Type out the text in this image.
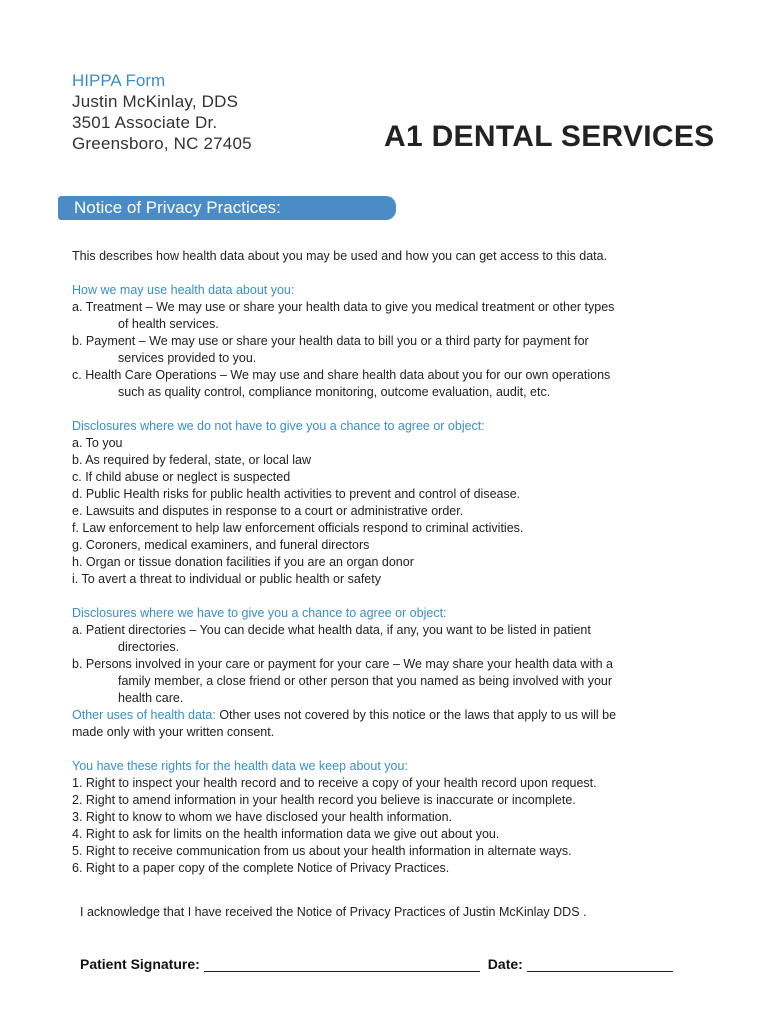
HIPPA Form
Justin McKinlay, DDS
3501 Associate Dr.
Greensboro, NC 27405	A1 DENTAL SERVICES
Notice of Privacy Practices:

This describes how health data about you may be used and how you can get access to this data.

How we may use health data about you:

a. Treatment – We may use or share your health data to give you medical treatment or other types
of health services.
b. Payment – We may use or share your health data to bill you or a third party for payment for
services provided to you.
c. Health Care Operations – We may use and share health data about you for our own operations
such as quality control, compliance monitoring, outcome evaluation, audit, etc.

Disclosures where we do not have to give you a chance to agree or object:

a. To you

b. As required by federal, state, or local law

c. If child abuse or neglect is suspected

d. Public Health risks for public health activities to prevent and control of disease.

e. Lawsuits and disputes in response to a court or administrative order.

f. Law enforcement to help law enforcement officials respond to criminal activities.

g. Coroners, medical examiners, and funeral directors

h. Organ or tissue donation facilities if you are an organ donor

i. To avert a threat to individual or public health or safety

Disclosures where we have to give you a chance to agree or object:

a. Patient directories – You can decide what health data, if any, you want to be listed in patient
directories.
b. Persons involved in your care or payment for your care – We may share your health data with a
family member, a close friend or other person that you named as being involved with your
health care.

Other uses of health data: Other uses not covered by this notice or the laws that apply to us will be

made only with your written consent.

You have these rights for the health data we keep about you:

1. Right to inspect your health record and to receive a copy of your health record upon request.

2. Right to amend information in your health record you believe is inaccurate or incomplete.

3. Right to know to whom we have disclosed your health information.

4. Right to ask for limits on the health information data we give out about you.

5. Right to receive communication from us about your health information in alternate ways.

6. Right to a paper copy of the complete Notice of Privacy Practices.

I acknowledge that I have received the Notice of Privacy Practices of Justin McKinlay DDS .
Patient Signature:	Date:
